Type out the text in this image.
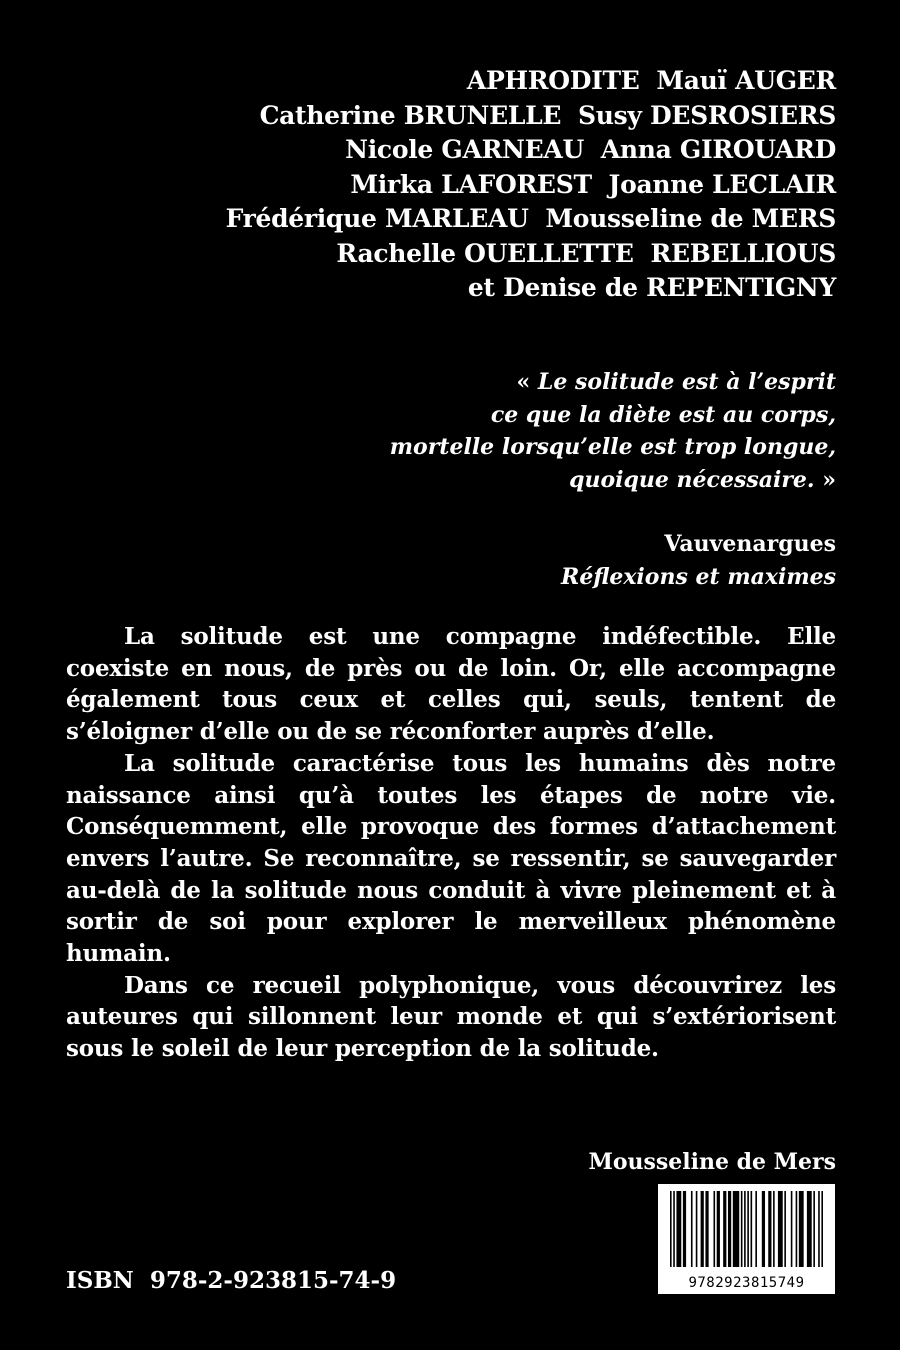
APHRODITE  Mauï AUGER
Catherine BRUNELLE  Susy DESROSIERS
Nicole GARNEAU  Anna GIROUARD
Mirka LAFOREST  Joanne LECLAIR
Frédérique MARLEAU  Mousseline de MERS
Rachelle OUELLETTE  REBELLIOUS
et Denise de REPENTIGNY
« Le solitude est à l’esprit
ce que la diète est au corps,
mortelle lorsqu’elle est trop longue,
quoique nécessaire. »
Vauvenargues
Réflexions et maximes

La solitude est une compagne indéfectible. Elle coexiste en nous, de près ou de loin. Or, elle accompagne également tous ceux et celles qui, seuls, tentent de s’éloigner d’elle ou de se réconforter auprès d’elle.

La solitude caractérise tous les humains dès notre naissance ainsi qu’à toutes les étapes de notre vie. Conséquemment, elle provoque des formes d’attachement envers l’autre. Se reconnaître, se ressentir, se sauvegarder au-delà de la solitude nous conduit à vivre pleinement et à sortir de soi pour explorer le merveilleux phénomène humain.

Dans ce recueil polyphonique, vous découvrirez les auteures qui sillonnent leur monde et qui s’extériorisent sous le soleil de leur perception de la solitude.

Mousseline de Mers
ISBN  978-2-923815-74-9	9782923815749
